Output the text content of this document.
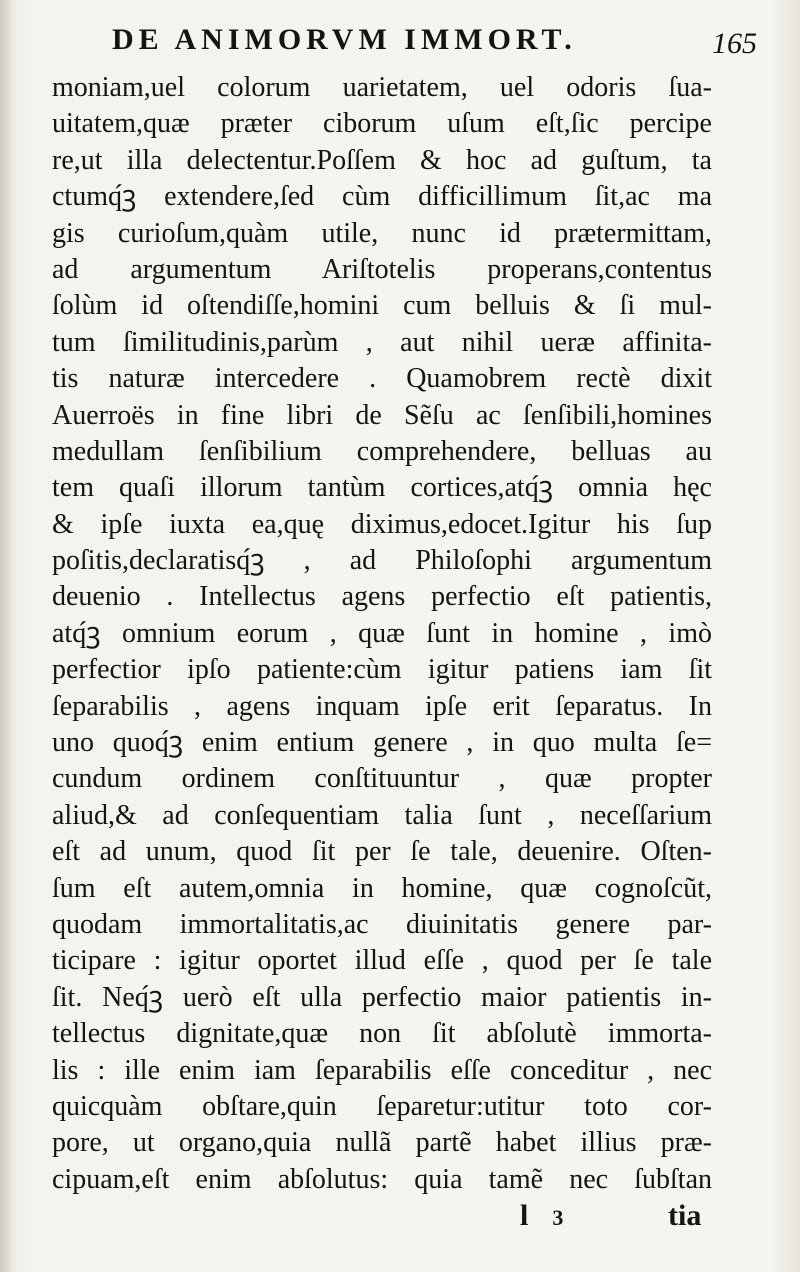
DE ANIMORVM IMMORT.	165
moniam,uel colorum uarietatem, uel odoris ſua-
uitatem,quæ præter ciborum uſum eſt,ſic percipe
re,ut illa delectentur.Poſſem & hoc ad guſtum, ta
ctumq́ꝫ extendere,ſed cùm difficillimum ſit,ac ma
gis curioſum,quàm utile, nunc id prætermittam,
ad argumentum Ariſtotelis properans,contentus
ſolùm id oſtendiſſe,homini cum belluis & ſi mul-
tum ſimilitudinis,parùm , aut nihil ueræ affinita-
tis naturæ intercedere . Quamobrem rectè dixit
Auerroës in fine libri de Sẽſu ac ſenſibili,homines
medullam ſenſibilium comprehendere, belluas au
tem quaſi illorum tantùm cortices,atq́ꝫ omnia hęc
& ipſe iuxta ea,quę diximus,edocet.Igitur his ſup
poſitis,declaratisq́ꝫ , ad Philoſophi argumentum
deuenio . Intellectus agens perfectio eſt patientis,
atq́ꝫ omnium eorum , quæ ſunt in homine , imò
perfectior ipſo patiente:cùm igitur patiens iam ſit
ſeparabilis , agens inquam ipſe erit ſeparatus. In
uno quoq́ꝫ enim entium genere , in quo multa ſe=
cundum ordinem conſtituuntur , quæ propter
aliud,& ad conſequentiam talia ſunt , neceſſarium
eſt ad unum, quod ſit per ſe tale, deuenire. Oſten-
ſum eſt autem,omnia in homine, quæ cognoſcũt,
quodam immortalitatis,ac diuinitatis genere par-
ticipare : igitur oportet illud eſſe , quod per ſe tale
ſit. Neq́ꝫ uerò eſt ulla perfectio maior patientis in-
tellectus dignitate,quæ non ſit abſolutè immorta-
lis : ille enim iam ſeparabilis eſſe conceditur , nec
quicquàm obſtare,quin ſeparetur:utitur toto cor-
pore, ut organo,quia nullã partẽ habet illius præ-
cipuam,eſt enim abſolutus: quia tamẽ nec ſubſtan
l 3	tia
